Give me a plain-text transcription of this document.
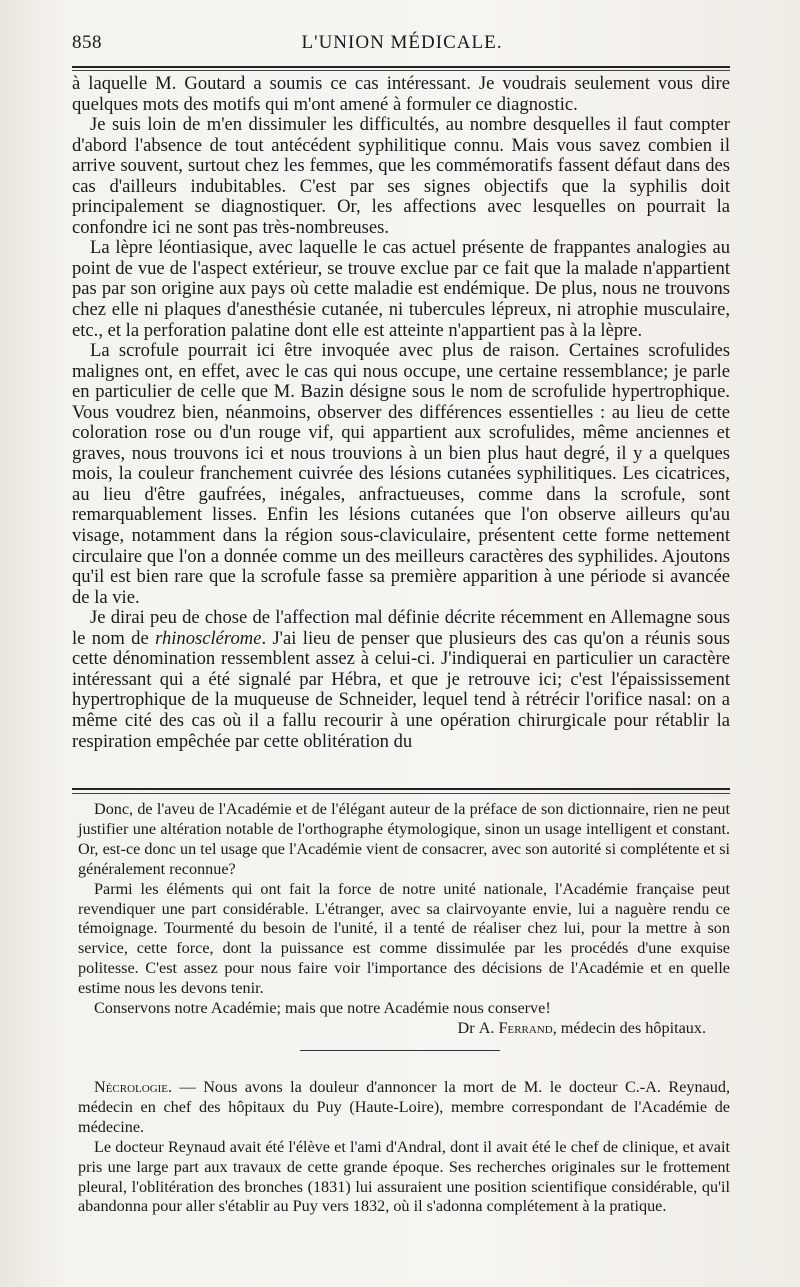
858	L'UNION MÉDICALE.

à laquelle M. Goutard a soumis ce cas intéressant. Je voudrais seulement vous dire quelques mots des motifs qui m'ont amené à formuler ce diagnostic.

Je suis loin de m'en dissimuler les difficultés, au nombre desquelles il faut compter d'abord l'absence de tout antécédent syphilitique connu. Mais vous savez combien il arrive souvent, surtout chez les femmes, que les commémoratifs fassent défaut dans des cas d'ailleurs indubitables. C'est par ses signes objectifs que la syphilis doit principalement se diagnostiquer. Or, les affections avec lesquelles on pourrait la confondre ici ne sont pas très-nombreuses.

La lèpre léontiasique, avec laquelle le cas actuel présente de frappantes analogies au point de vue de l'aspect extérieur, se trouve exclue par ce fait que la malade n'appartient pas par son origine aux pays où cette maladie est endémique. De plus, nous ne trouvons chez elle ni plaques d'anesthésie cutanée, ni tubercules lépreux, ni atrophie musculaire, etc., et la perforation palatine dont elle est atteinte n'appartient pas à la lèpre.

La scrofule pourrait ici être invoquée avec plus de raison. Certaines scrofulides malignes ont, en effet, avec le cas qui nous occupe, une certaine ressemblance; je parle en particulier de celle que M. Bazin désigne sous le nom de scrofulide hypertrophique. Vous voudrez bien, néanmoins, observer des différences essentielles : au lieu de cette coloration rose ou d'un rouge vif, qui appartient aux scrofulides, même anciennes et graves, nous trouvons ici et nous trouvions à un bien plus haut degré, il y a quelques mois, la couleur franchement cuivrée des lésions cutanées syphilitiques. Les cicatrices, au lieu d'être gaufrées, inégales, anfractueuses, comme dans la scrofule, sont remarquablement lisses. Enfin les lésions cutanées que l'on observe ailleurs qu'au visage, notamment dans la région sous-claviculaire, présentent cette forme nettement circulaire que l'on a donnée comme un des meilleurs caractères des syphilides. Ajoutons qu'il est bien rare que la scrofule fasse sa première apparition à une période si avancée de la vie.

Je dirai peu de chose de l'affection mal définie décrite récemment en Allemagne sous le nom de rhinosclérome. J'ai lieu de penser que plusieurs des cas qu'on a réunis sous cette dénomination ressemblent assez à celui-ci. J'indiquerai en particulier un caractère intéressant qui a été signalé par Hébra, et que je retrouve ici; c'est l'épaississement hypertrophique de la muqueuse de Schneider, lequel tend à rétrécir l'orifice nasal: on a même cité des cas où il a fallu recourir à une opération chirurgicale pour rétablir la respiration empêchée par cette oblitération du

Donc, de l'aveu de l'Académie et de l'élégant auteur de la préface de son dictionnaire, rien ne peut justifier une altération notable de l'orthographe étymologique, sinon un usage intelligent et constant. Or, est-ce donc un tel usage que l'Académie vient de consacrer, avec son autorité si complétente et si généralement reconnue?

Parmi les éléments qui ont fait la force de notre unité nationale, l'Académie française peut revendiquer une part considérable. L'étranger, avec sa clairvoyante envie, lui a naguère rendu ce témoignage. Tourmenté du besoin de l'unité, il a tenté de réaliser chez lui, pour la mettre à son service, cette force, dont la puissance est comme dissimulée par les procédés d'une exquise politesse. C'est assez pour nous faire voir l'importance des décisions de l'Académie et en quelle estime nous les devons tenir.

Conservons notre Académie; mais que notre Académie nous conserve!

Dr A. Ferrand, médecin des hôpitaux.

Nécrologie. — Nous avons la douleur d'annoncer la mort de M. le docteur C.-A. Reynaud, médecin en chef des hôpitaux du Puy (Haute-Loire), membre correspondant de l'Académie de médecine.

Le docteur Reynaud avait été l'élève et l'ami d'Andral, dont il avait été le chef de clinique, et avait pris une large part aux travaux de cette grande époque. Ses recherches originales sur le frottement pleural, l'oblitération des bronches (1831) lui assuraient une position scientifique considérable, qu'il abandonna pour aller s'établir au Puy vers 1832, où il s'adonna complétement à la pratique.
